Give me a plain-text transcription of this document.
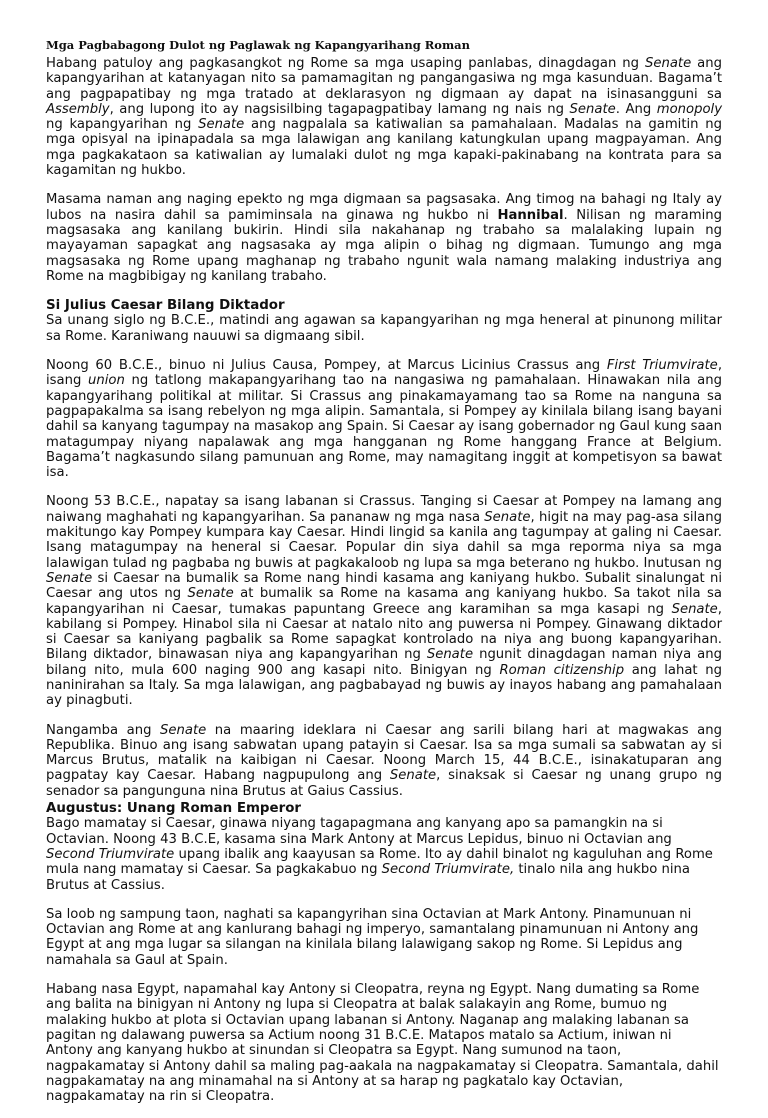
Mga Pagbabagong Dulot ng Paglawak ng Kapangyarihang Roman

Habang patuloy ang pagkasangkot ng Rome sa mga usaping panlabas, dinagdagan ng Senate ang kapangyarihan at katanyagan nito sa pamamagitan ng pangangasiwa ng mga kasunduan. Bagama’t ang pagpapatibay ng mga tratado at deklarasyon ng digmaan ay dapat na isinasangguni sa Assembly, ang lupong ito ay nagsisilbing tagapagpatibay lamang ng nais ng Senate. Ang monopoly ng kapangyarihan ng Senate ang nagpalala sa katiwalian sa pamahalaan. Madalas na gamitin ng mga opisyal na ipinapadala sa mga lalawigan ang kanilang katungkulan upang magpayaman. Ang mga pagkakataon sa katiwalian ay lumalaki dulot ng mga kapaki-pakinabang na kontrata para sa kagamitan ng hukbo.

Masama naman ang naging epekto ng mga digmaan sa pagsasaka. Ang timog na bahagi ng Italy ay lubos na nasira dahil sa pamiminsala na ginawa ng hukbo ni Hannibal. Nilisan ng maraming magsasaka ang kanilang bukirin. Hindi sila nakahanap ng trabaho sa malalaking lupain ng mayayaman sapagkat ang nagsasaka ay mga alipin o bihag ng digmaan. Tumungo ang mga magsasaka ng Rome upang maghanap ng trabaho ngunit wala namang malaking industriya ang Rome na magbibigay ng kanilang trabaho.

Si Julius Caesar Bilang Diktador

Sa unang siglo ng B.C.E., matindi ang agawan sa kapangyarihan ng mga heneral at pinunong militar sa Rome. Karaniwang nauuwi sa digmaang sibil.

Noong 60 B.C.E., binuo ni Julius Causa, Pompey, at Marcus Licinius Crassus ang First Triumvirate, isang union ng tatlong makapangyarihang tao na nangasiwa ng pamahalaan. Hinawakan nila ang kapangyarihang politikal at militar. Si Crassus ang pinakamayamang tao sa Rome na nanguna sa pagpapakalma sa isang rebelyon ng mga alipin. Samantala, si Pompey ay kinilala bilang isang bayani dahil sa kanyang tagumpay na masakop ang Spain. Si Caesar ay isang gobernador ng Gaul kung saan matagumpay niyang napalawak ang mga hangganan ng Rome hanggang France at Belgium. Bagama’t nagkasundo silang pamunuan ang Rome, may namagitang inggit at kompetisyon sa bawat isa.

Noong 53 B.C.E., napatay sa isang labanan si Crassus. Tanging si Caesar at Pompey na lamang ang naiwang maghahati ng kapangyarihan. Sa pananaw ng mga nasa Senate, higit na may pag-asa silang makitungo kay Pompey kumpara kay Caesar. Hindi lingid sa kanila ang tagumpay at galing ni Caesar. Isang matagumpay na heneral si Caesar. Popular din siya dahil sa mga reporma niya sa mga lalawigan tulad ng pagbaba ng buwis at pagkakaloob ng lupa sa mga beterano ng hukbo. Inutusan ng Senate si Caesar na bumalik sa Rome nang hindi kasama ang kaniyang hukbo. Subalit sinalungat ni Caesar ang utos ng Senate at bumalik sa Rome na kasama ang kaniyang hukbo. Sa takot nila sa kapangyarihan ni Caesar, tumakas papuntang Greece ang karamihan sa mga kasapi ng Senate, kabilang si Pompey. Hinabol sila ni Caesar at natalo nito ang puwersa ni Pompey. Ginawang diktador si Caesar sa kaniyang pagbalik sa Rome sapagkat kontrolado na niya ang buong kapangyarihan. Bilang diktador, binawasan niya ang kapangyarihan ng Senate ngunit dinagdagan naman niya ang bilang nito, mula 600 naging 900 ang kasapi nito. Binigyan ng Roman citizenship ang lahat ng naninirahan sa Italy. Sa mga lalawigan, ang pagbabayad ng buwis ay inayos habang ang pamahalaan ay pinagbuti.

Nangamba ang Senate na maaring ideklara ni Caesar ang sarili bilang hari at magwakas ang Republika. Binuo ang isang sabwatan upang patayin si Caesar. Isa sa mga sumali sa sabwatan ay si Marcus Brutus, matalik na kaibigan ni Caesar. Noong March 15, 44 B.C.E., isinakatuparan ang pagpatay kay Caesar. Habang nagpupulong ang Senate, sinaksak si Caesar ng unang grupo ng senador sa pangunguna nina Brutus at Gaius Cassius.

Augustus: Unang Roman Emperor

Bago mamatay si Caesar, ginawa niyang tagapagmana ang kanyang apo sa pamangkin na si Octavian. Noong 43 B.C.E, kasama sina Mark Antony at Marcus Lepidus, binuo ni Octavian ang Second Triumvirate upang ibalik ang kaayusan sa Rome. Ito ay dahil binalot ng kaguluhan ang Rome mula nang mamatay si Caesar. Sa pagkakabuo ng Second Triumvirate, tinalo nila ang hukbo nina Brutus at Cassius.

Sa loob ng sampung taon, naghati sa kapangyrihan sina Octavian at Mark Antony. Pinamunuan ni Octavian ang Rome at ang kanlurang bahagi ng imperyo, samantalang pinamunuan ni Antony ang Egypt at ang mga lugar sa silangan na kinilala bilang lalawigang sakop ng Rome. Si Lepidus ang namahala sa Gaul at Spain.

Habang nasa Egypt, napamahal kay Antony si Cleopatra, reyna ng Egypt. Nang dumating sa Rome ang balita na binigyan ni Antony ng lupa si Cleopatra at balak salakayin ang Rome, bumuo ng malaking hukbo at plota si Octavian upang labanan si Antony. Naganap ang malaking labanan sa pagitan ng dalawang puwersa sa Actium noong 31 B.C.E. Matapos matalo sa Actium, iniwan ni Antony ang kanyang hukbo at sinundan si Cleopatra sa Egypt. Nang sumunod na taon, nagpakamatay si Antony dahil sa maling pag-aakala na nagpakamatay si Cleopatra. Samantala, dahil nagpakamatay na ang minamahal na si Antony at sa harap ng pagkatalo kay Octavian, nagpakamatay na rin si Cleopatra.
